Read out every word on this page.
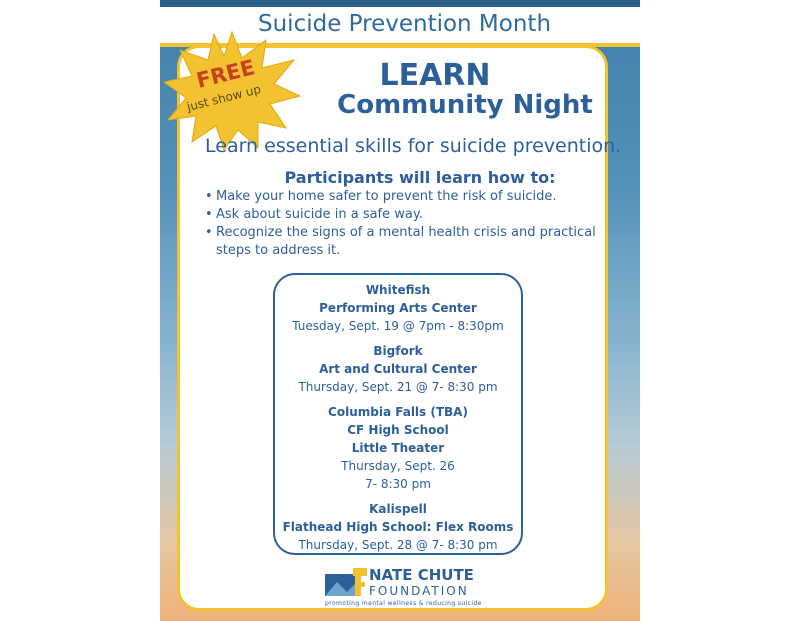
Suicide Prevention Month
LEARN
Community Night
FREE
just show up
Learn essential skills for suicide prevention.
Participants will learn how to:
• Make your home safer to prevent the risk of suicide.
• Ask about suicide in a safe way.
• Recognize the signs of a mental health crisis and practical steps to address it.
Whitefish
Performing Arts Center
Tuesday, Sept. 19 @ 7pm - 8:30pm
Bigfork
Art and Cultural Center
Thursday, Sept. 21 @ 7- 8:30 pm
Columbia Falls (TBA)
CF High School
Little Theater
Thursday, Sept. 26
7- 8:30 pm
Kalispell
Flathead High School: Flex Rooms
Thursday, Sept. 28 @ 7- 8:30 pm
NATE CHUTE
FOUNDATION
promoting mental wellness & reducing suicide
